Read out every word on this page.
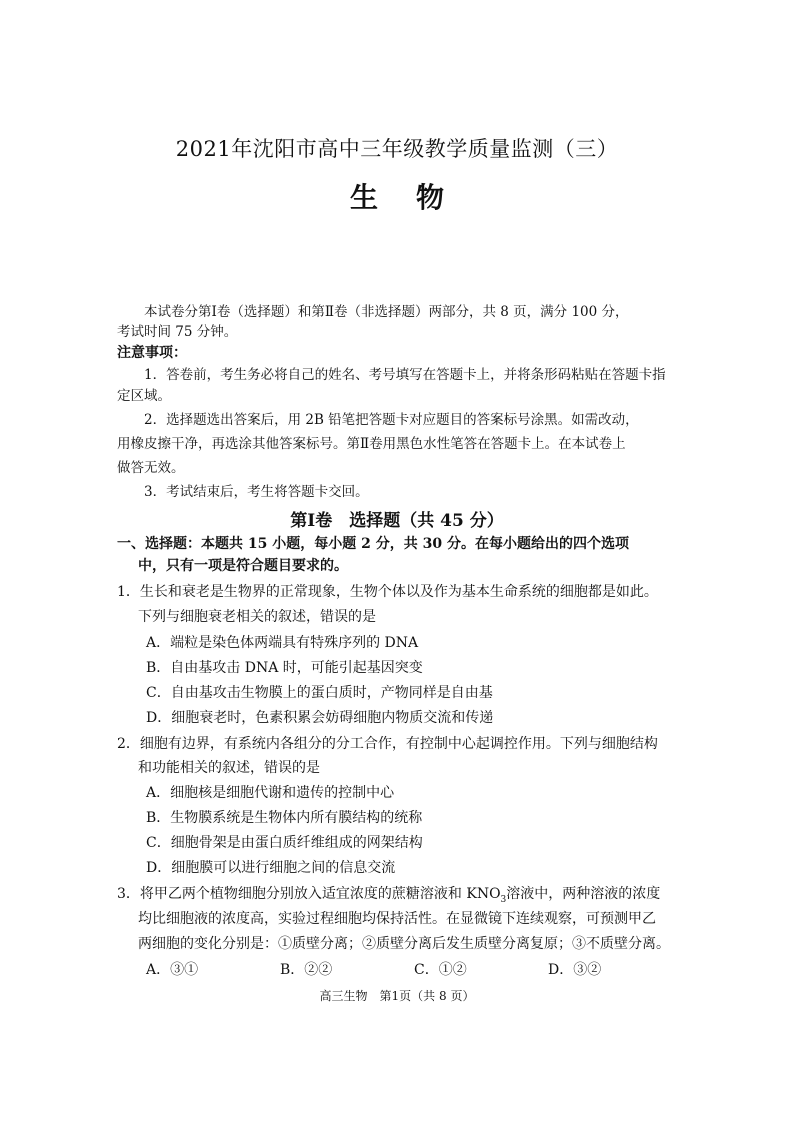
2021年沈阳市高中三年级教学质量监测（三）
生物
本试卷分第Ⅰ卷（选择题）和第Ⅱ卷（非选择题）两部分，共 8 页，满分 100 分，
考试时间 75 分钟。
注意事项：
1．答卷前，考生务必将自己的姓名、考号填写在答题卡上，并将条形码粘贴在答题卡指
定区域。
2．选择题选出答案后，用 2B 铅笔把答题卡对应题目的答案标号涂黑。如需改动，
用橡皮擦干净，再选涂其他答案标号。第Ⅱ卷用黑色水性笔答在答题卡上。在本试卷上
做答无效。
3．考试结束后，考生将答题卡交回。
第Ⅰ卷　选择题（共 45 分）
一、选择题：本题共 15 小题，每小题 2 分，共 30 分。在每小题给出的四个选项
中，只有一项是符合题目要求的。
1．生长和衰老是生物界的正常现象，生物个体以及作为基本生命系统的细胞都是如此。
下列与细胞衰老相关的叙述，错误的是
A．端粒是染色体两端具有特殊序列的 DNA
B．自由基攻击 DNA 时，可能引起基因突变
C．自由基攻击生物膜上的蛋白质时，产物同样是自由基
D．细胞衰老时，色素积累会妨碍细胞内物质交流和传递
2．细胞有边界，有系统内各组分的分工合作，有控制中心起调控作用。下列与细胞结构
和功能相关的叙述，错误的是
A．细胞核是细胞代谢和遗传的控制中心
B．生物膜系统是生物体内所有膜结构的统称
C．细胞骨架是由蛋白质纤维组成的网架结构
D．细胞膜可以进行细胞之间的信息交流
3．将甲乙两个植物细胞分别放入适宜浓度的蔗糖溶液和 $KNO_3$溶液中，两种溶液的浓度
均比细胞液的浓度高，实验过程细胞均保持活性。在显微镜下连续观察，可预测甲乙
两细胞的变化分别是：①质壁分离；②质壁分离后发生质壁分离复原；③不质壁分离。
A．③①	B．②②	C．①②	D．③②
高三生物　第1页（共 8 页）
